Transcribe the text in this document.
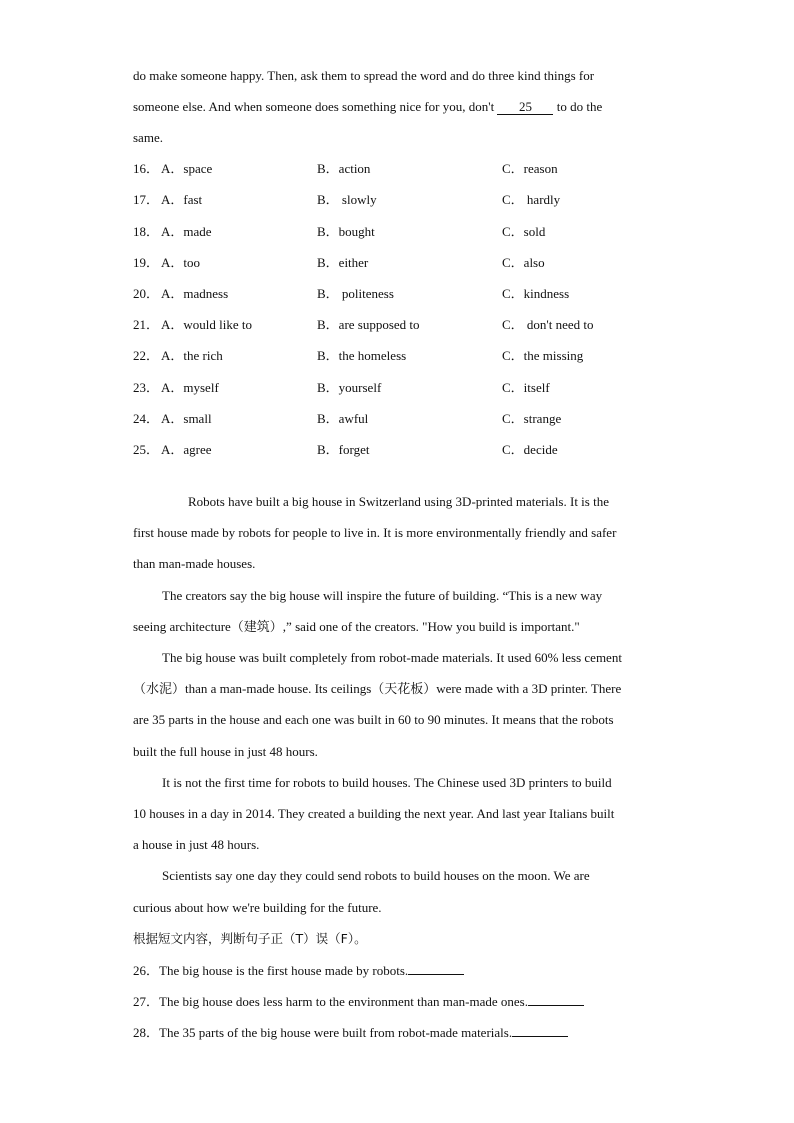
do make someone happy. Then, ask them to spread the word and do three kind things for
someone else. And when someone does something nice for you, don't 25 to do the
same.
16． A．space	B．action	C．reason
17． A．fast	B． slowly	C． hardly
18． A．made	B．bought	C．sold
19． A．too	B．either	C．also
20． A．madness	B． politeness	C．kindness
21． A．would like to	B．are supposed to	C． don't need to
22． A．the rich	B．the homeless	C．the missing
23． A．myself	B．yourself	C．itself
24． A．small	B．awful	C．strange
25． A．agree	B．forget	C．decide
Robots have built a big house in Switzerland using 3D-printed materials. It is the
first house made by robots for people to live in. It is more environmentally friendly and safer
than man-made houses.
The creators say the big house will inspire the future of building. “This is a new way
seeing architecture（建筑）,” said one of the creators. "How you build is important."
The big house was built completely from robot-made materials. It used 60% less cement
（水泥）than a man-made house. Its ceilings（天花板）were made with a 3D printer. There
are 35 parts in the house and each one was built in 60 to 90 minutes. It means that the robots
built the full house in just 48 hours.
It is not the first time for robots to build houses. The Chinese used 3D printers to build
10 houses in a day in 2014. They created a building the next year. And last year Italians built
a house in just 48 hours.
Scientists say one day they could send robots to build houses on the moon. We are
curious about how we're building for the future.
根据短文内容，判断句子正（T）误（F）。
26．The big house is the first house made by robots.
27．The big house does less harm to the environment than man-made ones.
28．The 35 parts of the big house were built from robot-made materials.
